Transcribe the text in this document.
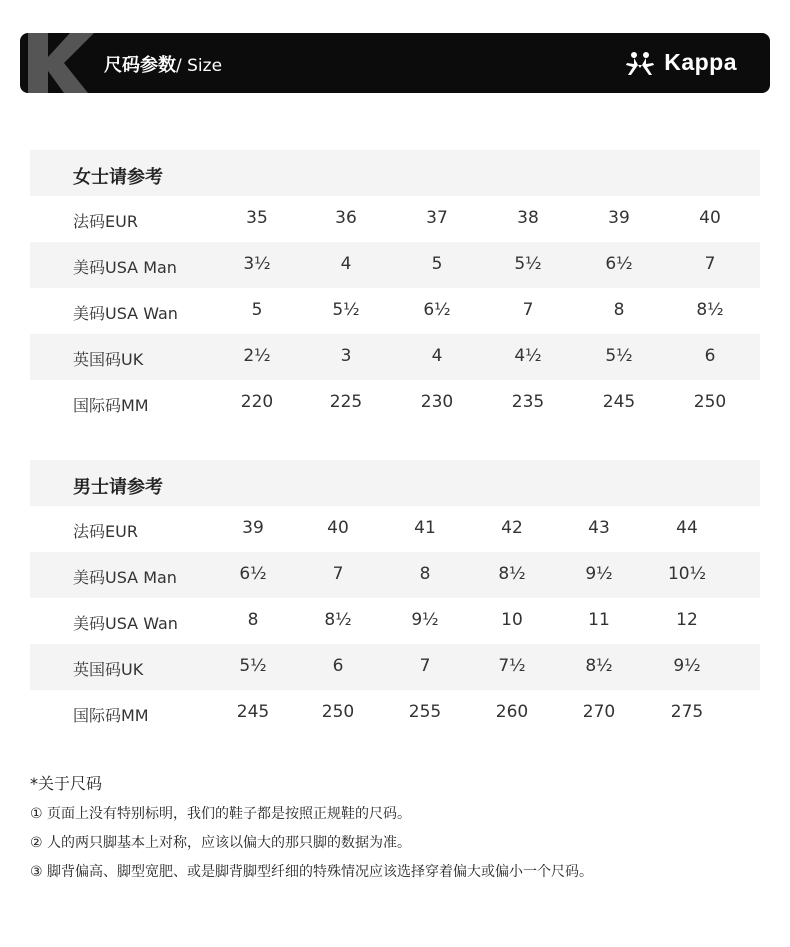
尺码参数/ Size	Kappa
女士请参考
法码EUR	35	36	37	38	39	40
美码USA Man	3½	4	5	5½	6½	7
美码USA Wan	5	5½	6½	7	8	8½
英国码UK	2½	3	4	4½	5½	6
国际码MM	220	225	230	235	245	250
男士请参考
法码EUR	39	40	41	42	43	44
美码USA Man	6½	7	8	8½	9½	10½
美码USA Wan	8	8½	9½	10	11	12
英国码UK	5½	6	7	7½	8½	9½
国际码MM	245	250	255	260	270	275
*关于尺码
① 页面上没有特别标明，我们的鞋子都是按照正规鞋的尺码。
② 人的两只脚基本上对称，应该以偏大的那只脚的数据为准。
③ 脚背偏高、脚型宽肥、或是脚背脚型纤细的特殊情况应该选择穿着偏大或偏小一个尺码。
